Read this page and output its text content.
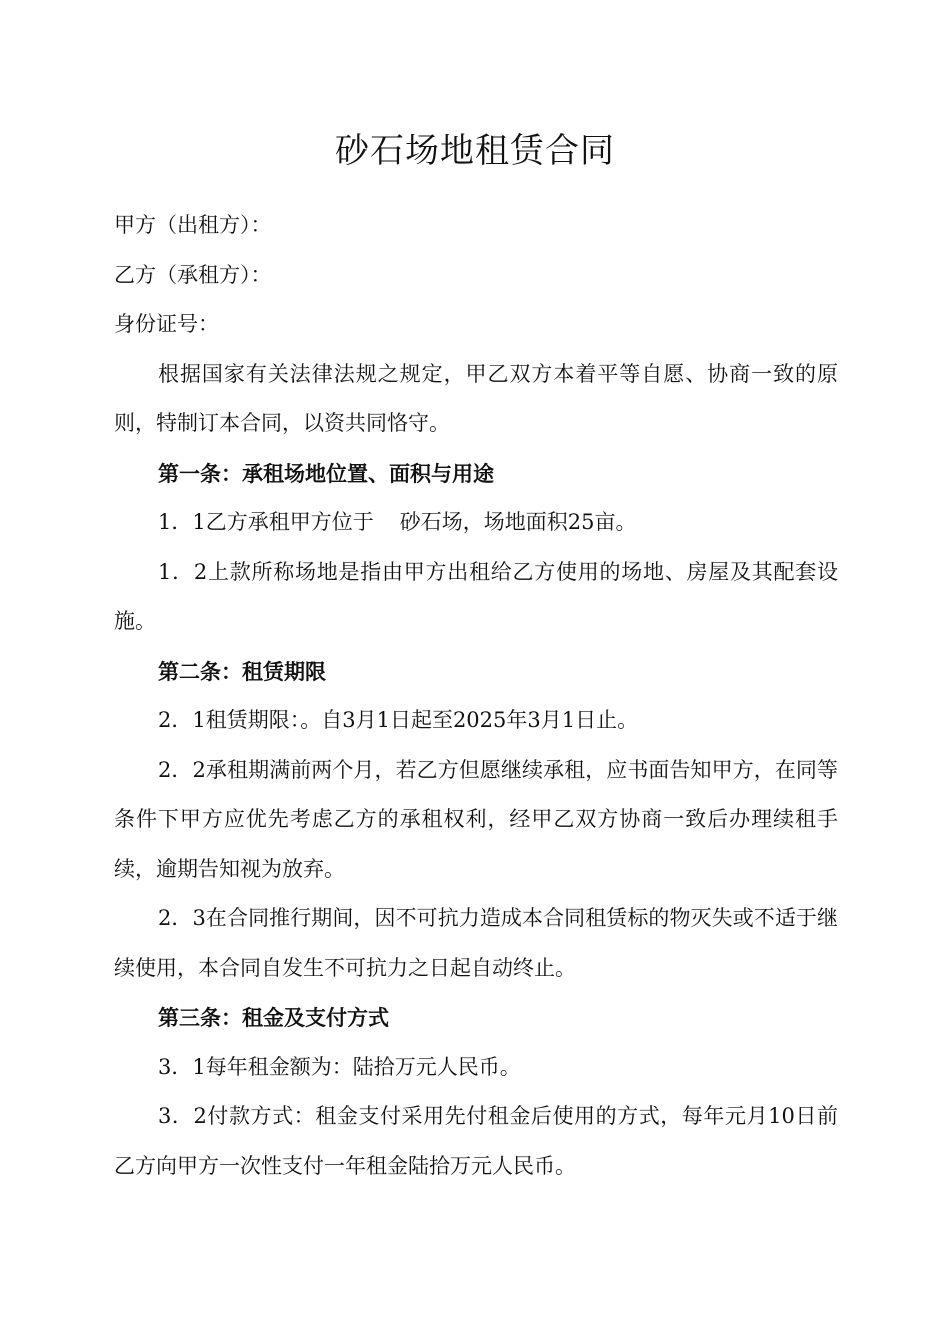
砂石场地租赁合同

甲方（出租方）：

乙方（承租方）：

身份证号：

根据国家有关法律法规之规定，甲乙双方本着平等自愿、协商一致的原则，特制订本合同，以资共同恪守。

第一条：承租场地位置、面积与用途

1．1乙方承租甲方位于 砂石场，场地面积25亩。

1．2上款所称场地是指由甲方出租给乙方使用的场地、房屋及其配套设施。

第二条：租赁期限

2．1租赁期限：。自3月1日起至2025年3月1日止。

2．2承租期满前两个月，若乙方但愿继续承租，应书面告知甲方，在同等条件下甲方应优先考虑乙方的承租权利，经甲乙双方协商一致后办理续租手续，逾期告知视为放弃。

2．3在合同推行期间，因不可抗力造成本合同租赁标的物灭失或不适于继续使用，本合同自发生不可抗力之日起自动终止。

第三条：租金及支付方式

3．1每年租金额为：陆拾万元人民币。

3．2付款方式：租金支付采用先付租金后使用的方式，每年元月10日前乙方向甲方一次性支付一年租金陆拾万元人民币。
